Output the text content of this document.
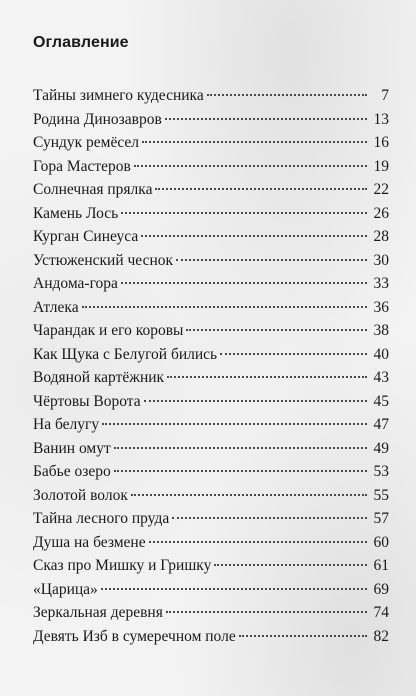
Оглавление
Тайны зимнего кудесника	7
Родина Динозавров	13
Сундук ремёсел	16
Гора Мастеров	19
Солнечная прялка	22
Камень Лось	26
Курган Синеуса	28
Устюженский чеснок	30
Андома-гора	33
Атлека	36
Чарандак и его коровы	38
Как Щука с Белугой бились	40
Водяной картёжник	43
Чёртовы Ворота	45
На белугу	47
Ванин омут	49
Бабье озеро	53
Золотой волок	55
Тайна лесного пруда	57
Душа на безмене	60
Сказ про Мишку и Гришку	61
«Царица»	69
Зеркальная деревня	74
Девять Изб в сумеречном поле	82
